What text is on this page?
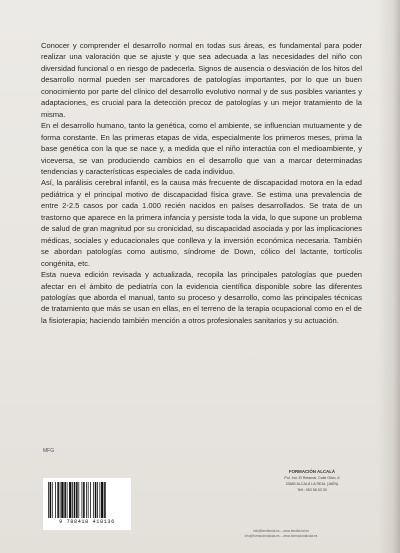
Conocer y comprender el desarrollo normal en todas sus áreas, es fundamental para poder realizar una valoración que se ajuste y que sea adecuada a las necesidades del niño con diversidad funcional o en riesgo de padecerla. Signos de ausencia o desviación de los hitos del desarrollo normal pueden ser marcadores de patologías importantes, por lo que un buen conocimiento por parte del clínico del desarrollo evolutivo normal y de sus posibles variantes y adaptaciones, es crucial para la detección precoz de patologías y un mejor tratamiento de la misma.

En el desarrollo humano, tanto la genética, como el ambiente, se influencian mutuamente y de forma constante. En las primeras etapas de vida, especialmente los primeros meses, prima la base genética con la que se nace y, a medida que el niño interactúa con el medioambiente, y viceversa, se van produciendo cambios en el desarrollo que van a marcar determinadas tendencias y características especiales de cada individuo.

Así, la parálisis cerebral infantil, es la causa más frecuente de discapacidad motora en la edad pediátrica y el principal motivo de discapacidad física grave. Se estima una prevalencia de entre 2-2.5 casos por cada 1.000 recién nacidos en países desarrollados. Se trata de un trastorno que aparece en la primera infancia y persiste toda la vida, lo que supone un problema de salud de gran magnitud por su cronicidad, su discapacidad asociada y por las implicaciones médicas, sociales y educacionales que conlleva y la inversión económica necesaria. También se abordan patologías como autismo, síndrome de Down, cólico del lactante, tortícolis congénita, etc.

Esta nueva edición revisada y actualizada, recopila las principales patologías que pueden afectar en el ámbito de pediatría con la evidencia científica disponible sobre las diferentes patologías que aborda el manual, tanto su proceso y desarrollo, como las principales técnicas de tratamiento que más se usan en ellas, en el terreno de la terapia ocupacional como en el de la fisioterapia; haciendo también mención a otros profesionales sanitarios y su actuación.

MFG
9 788418 418136
FORMACIÓN ALCALÁ
Pol. Ind. El Retamal. Calle Olivo, 6
23680 ALCALÁ LA REAL (JAÉN)
Telf.: 953 58 53 30
info@faeditorial.es – www.faeditorial.es
info@formacionalcala.es – www.formacionalcala.es
